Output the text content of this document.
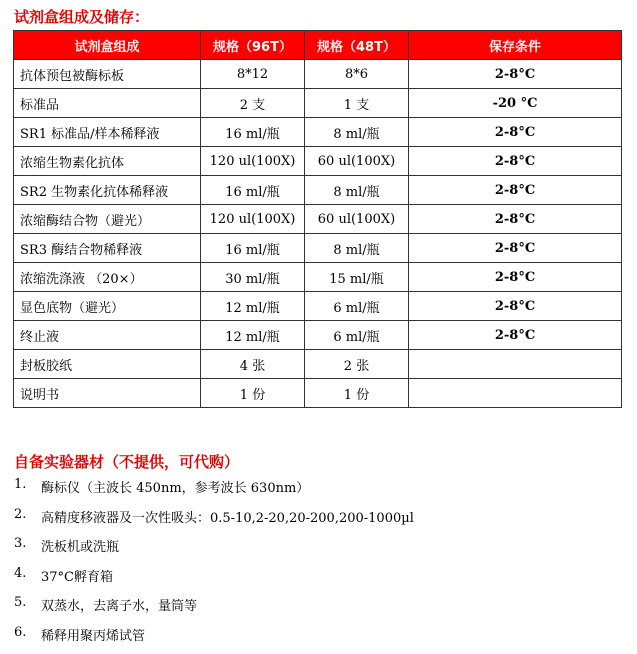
试剂盒组成及储存：
试剂盒组成	规格（96T）	规格（48T）	保存条件
抗体预包被酶标板	8*12	8*6	2-8°C
标准品	2 支	1 支	-20 °C
SR1 标准品/样本稀释液	16 ml/瓶	8 ml/瓶	2-8°C
浓缩生物素化抗体	120 ul(100X)	60 ul(100X)	2-8°C
SR2 生物素化抗体稀释液	16 ml/瓶	8 ml/瓶	2-8°C
浓缩酶结合物（避光）	120 ul(100X)	60 ul(100X)	2-8°C
SR3 酶结合物稀释液	16 ml/瓶	8 ml/瓶	2-8°C
浓缩洗涤液 （20×）	30 ml/瓶	15 ml/瓶	2-8°C
显色底物（避光）	12 ml/瓶	6 ml/瓶	2-8°C
终止液	12 ml/瓶	6 ml/瓶	2-8°C
封板胶纸	4 张	2 张	
说明书	1 份	1 份	
自备实验器材（不提供，可代购）
1.	酶标仪（主波长 450nm，参考波长 630nm）
2.	高精度移液器及一次性吸头：0.5-10,2-20,20-200,200-1000µl
3.	洗板机或洗瓶
4.	37°C孵育箱
5.	双蒸水，去离子水，量筒等
6.	稀释用聚丙烯试管
